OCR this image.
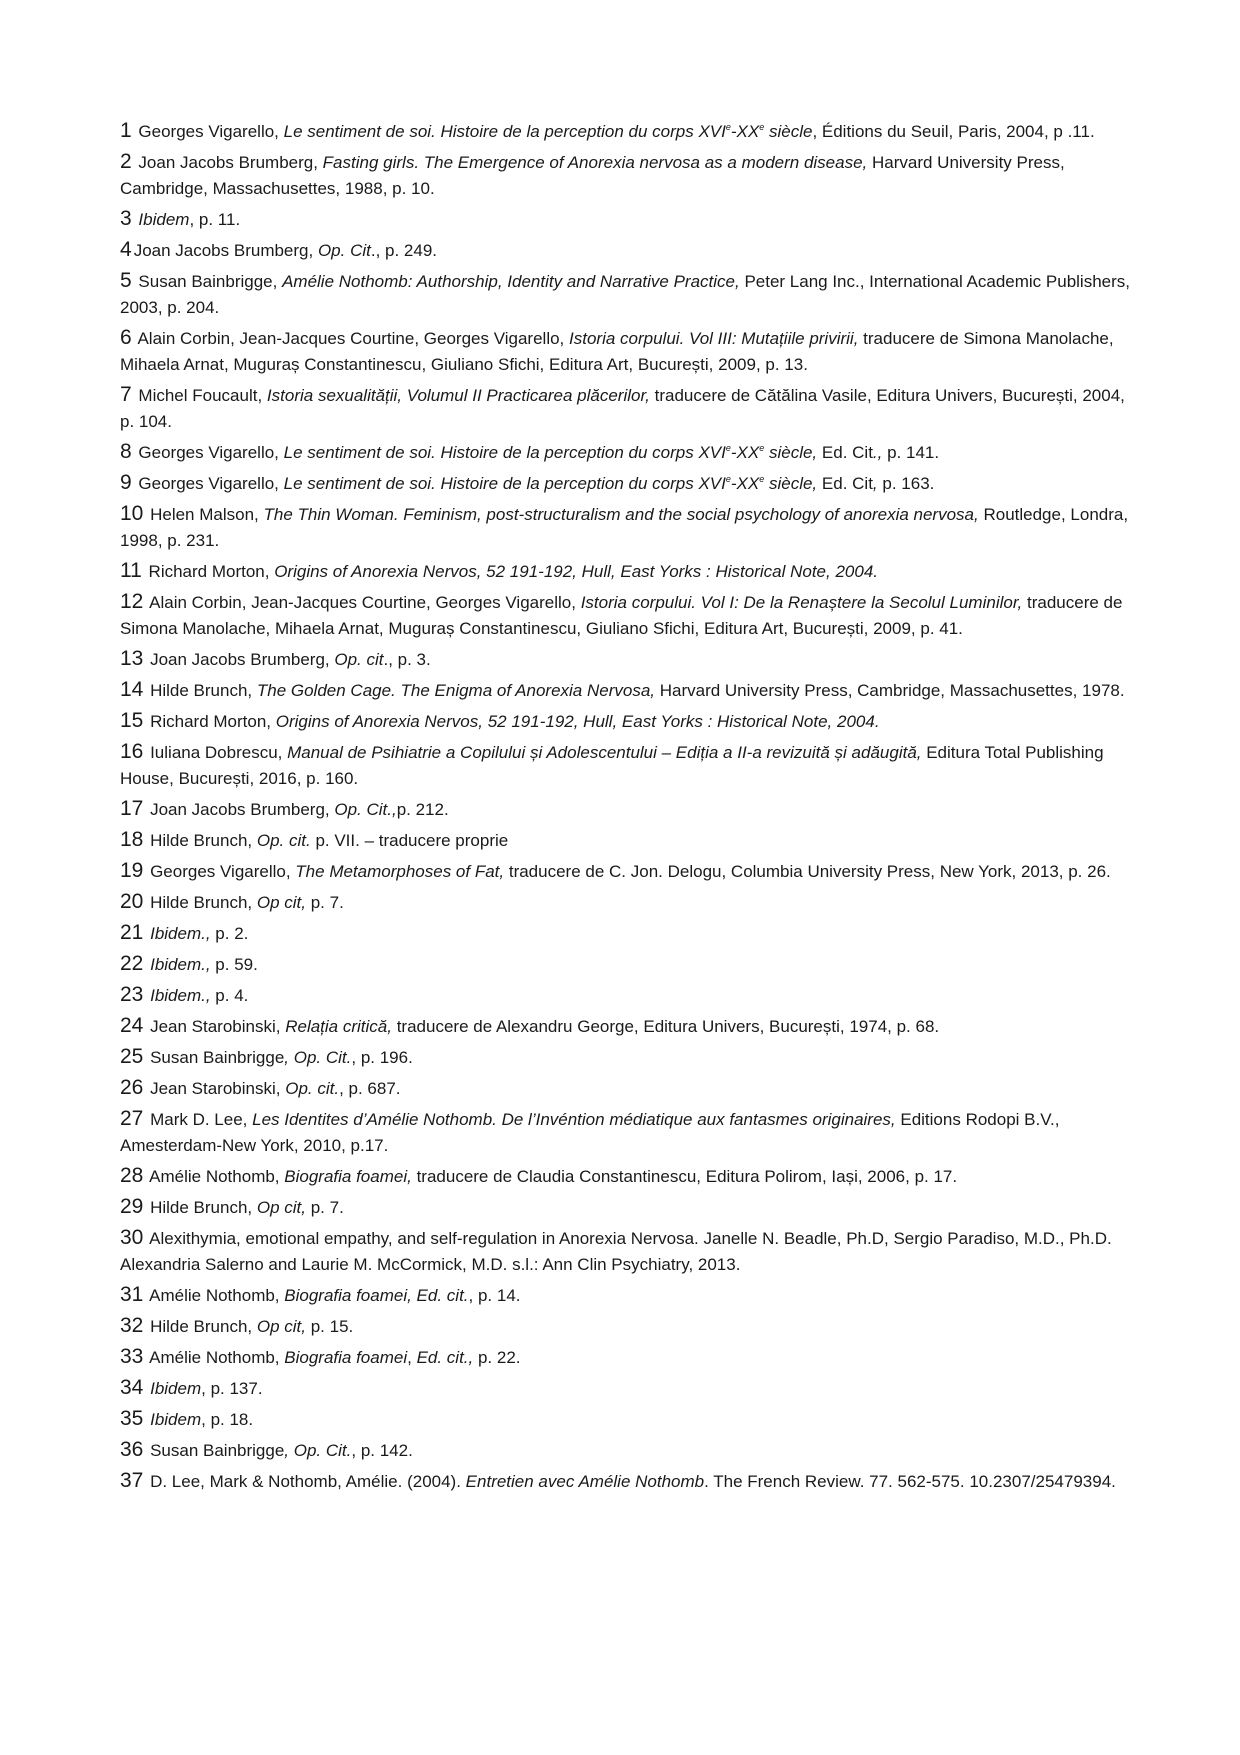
1 Georges Vigarello, Le sentiment de soi. Histoire de la perception du corps XVIe-XXe siècle, Éditions du Seuil, Paris, 2004, p .11.

2 Joan Jacobs Brumberg, Fasting girls. The Emergence of Anorexia nervosa as a modern disease, Harvard University Press, Cambridge, Massachusettes, 1988, p. 10.

3 Ibidem, p. 11.

4 Joan Jacobs Brumberg, Op. Cit., p. 249.

5 Susan Bainbrigge, Amélie Nothomb: Authorship, Identity and Narrative Practice, Peter Lang Inc., International Academic Publishers, 2003, p. 204.

6 Alain Corbin, Jean-Jacques Courtine, Georges Vigarello, Istoria corpului. Vol III: Mutațiile privirii, traducere de Simona Manolache, Mihaela Arnat, Muguraș Constantinescu, Giuliano Sfichi, Editura Art, București, 2009, p. 13.

7 Michel Foucault, Istoria sexualității, Volumul II Practicarea plăcerilor, traducere de Cătălina Vasile, Editura Univers, București, 2004, p. 104.

8 Georges Vigarello, Le sentiment de soi. Histoire de la perception du corps XVIe-XXe siècle, Ed. Cit., p. 141.

9 Georges Vigarello, Le sentiment de soi. Histoire de la perception du corps XVIe-XXe siècle, Ed. Cit, p. 163.

10 Helen Malson, The Thin Woman. Feminism, post-structuralism and the social psychology of anorexia nervosa, Routledge, Londra, 1998, p. 231.

11 Richard Morton, Origins of Anorexia Nervos, 52 191-192, Hull, East Yorks : Historical Note, 2004.

12 Alain Corbin, Jean-Jacques Courtine, Georges Vigarello, Istoria corpului. Vol I: De la Renaștere la Secolul Luminilor, traducere de Simona Manolache, Mihaela Arnat, Muguraș Constantinescu, Giuliano Sfichi, Editura Art, București, 2009, p. 41.

13 Joan Jacobs Brumberg, Op. cit., p. 3.

14 Hilde Brunch, The Golden Cage. The Enigma of Anorexia Nervosa, Harvard University Press, Cambridge, Massachusettes, 1978.

15 Richard Morton, Origins of Anorexia Nervos, 52 191-192, Hull, East Yorks : Historical Note, 2004.

16 Iuliana Dobrescu, Manual de Psihiatrie a Copilului și Adolescentului – Ediția a II-a revizuită și adăugită, Editura Total Publishing House, București, 2016, p. 160.

17 Joan Jacobs Brumberg, Op. Cit.,p. 212.

18 Hilde Brunch, Op. cit. p. VII. – traducere proprie

19 Georges Vigarello, The Metamorphoses of Fat, traducere de C. Jon. Delogu, Columbia University Press, New York, 2013, p. 26.

20 Hilde Brunch, Op cit, p. 7.

21 Ibidem., p. 2.

22 Ibidem., p. 59.

23 Ibidem., p. 4.

24 Jean Starobinski, Relația critică, traducere de Alexandru George, Editura Univers, București, 1974, p. 68.

25 Susan Bainbrigge, Op. Cit., p. 196.

26 Jean Starobinski, Op. cit., p. 687.

27 Mark D. Lee, Les Identites d’Amélie Nothomb. De l’Invéntion médiatique aux fantasmes originaires, Editions Rodopi B.V., Amesterdam-New York, 2010, p.17.

28 Amélie Nothomb, Biografia foamei, traducere de Claudia Constantinescu, Editura Polirom, Iași, 2006, p. 17.

29 Hilde Brunch, Op cit, p. 7.

30 Alexithymia, emotional empathy, and self-regulation in Anorexia Nervosa. Janelle N. Beadle, Ph.D, Sergio Paradiso, M.D., Ph.D. Alexandria Salerno and Laurie M. McCormick, M.D. s.l.: Ann Clin Psychiatry, 2013.

31 Amélie Nothomb, Biografia foamei, Ed. cit., p. 14.

32 Hilde Brunch, Op cit, p. 15.

33 Amélie Nothomb, Biografia foamei, Ed. cit., p. 22.

34 Ibidem, p. 137.

35 Ibidem, p. 18.

36 Susan Bainbrigge, Op. Cit., p. 142.

37 D. Lee, Mark & Nothomb, Amélie. (2004). Entretien avec Amélie Nothomb. The French Review. 77. 562-575. 10.2307/25479394.
